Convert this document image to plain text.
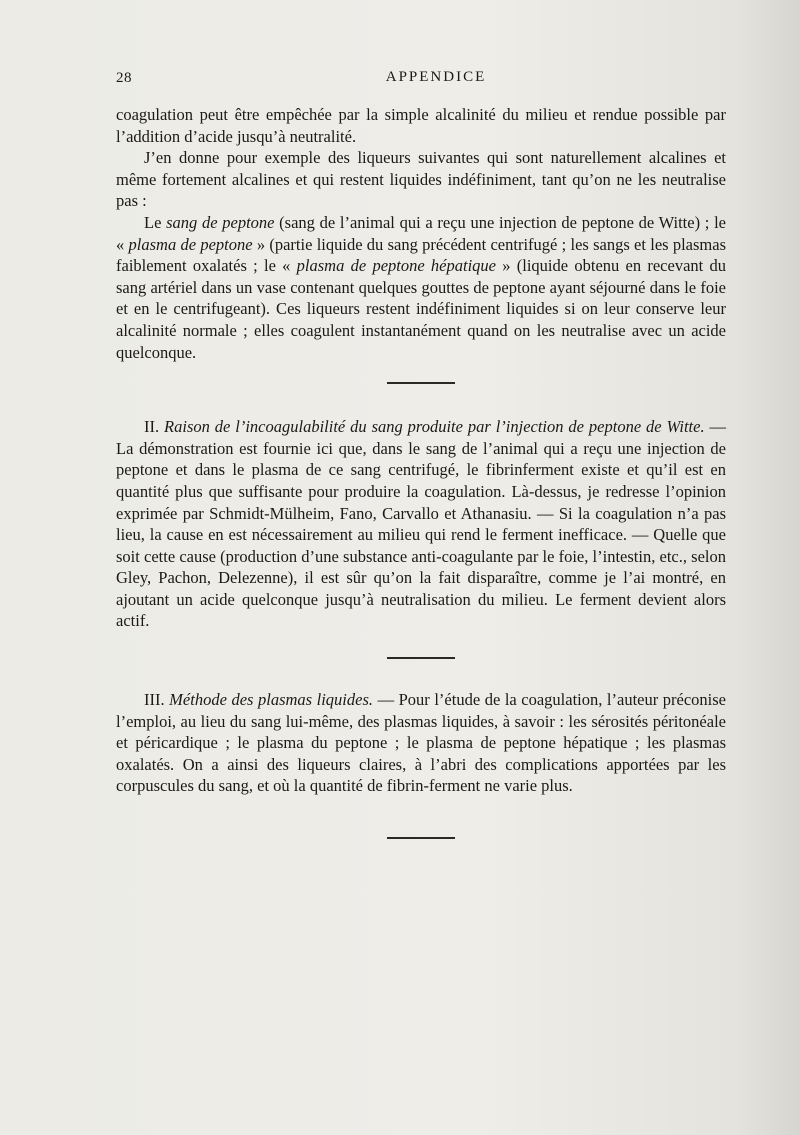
28	APPENDICE

coagulation peut être empêchée par la simple alcalinité du milieu et rendue possible par l’addition d’acide jusqu’à neutralité.

J’en donne pour exemple des liqueurs suivantes qui sont naturellement alcalines et même fortement alcalines et qui restent liquides indéfiniment, tant qu’on ne les neutralise pas :

Le sang de peptone (sang de l’animal qui a reçu une injection de peptone de Witte) ; le « plasma de peptone » (partie liquide du sang précédent centrifugé ; les sangs et les plasmas faiblement oxalatés ; le « plasma de peptone hépatique » (liquide obtenu en recevant du sang artériel dans un vase contenant quelques gouttes de peptone ayant séjourné dans le foie et en le centrifugeant). Ces liqueurs restent indéfiniment liquides si on leur conserve leur alcalinité normale ; elles coagulent instantanément quand on les neutralise avec un acide quelconque.

II. Raison de l’incoagulabilité du sang produite par l’injection de peptone de Witte. — La démonstration est fournie ici que, dans le sang de l’animal qui a reçu une injection de peptone et dans le plasma de ce sang centrifugé, le fibrinferment existe et qu’il est en quantité plus que suffisante pour produire la coagulation. Là-dessus, je redresse l’opinion exprimée par Schmidt-Mülheim, Fano, Carvallo et Athanasiu. — Si la coagulation n’a pas lieu, la cause en est nécessairement au milieu qui rend le ferment inefficace. — Quelle que soit cette cause (production d’une substance anti-coagulante par le foie, l’intestin, etc., selon Gley, Pachon, Delezenne), il est sûr qu’on la fait disparaître, comme je l’ai montré, en ajoutant un acide quelconque jusqu’à neutralisation du milieu. Le ferment devient alors actif.

III. Méthode des plasmas liquides. — Pour l’étude de la coagulation, l’auteur préconise l’emploi, au lieu du sang lui-même, des plasmas liquides, à savoir : les sérosités péritonéale et péricardique ; le plasma du peptone ; le plasma de peptone hépatique ; les plasmas oxalatés. On a ainsi des liqueurs claires, à l’abri des complications apportées par les corpuscules du sang, et où la quantité de fibrin-ferment ne varie plus.
